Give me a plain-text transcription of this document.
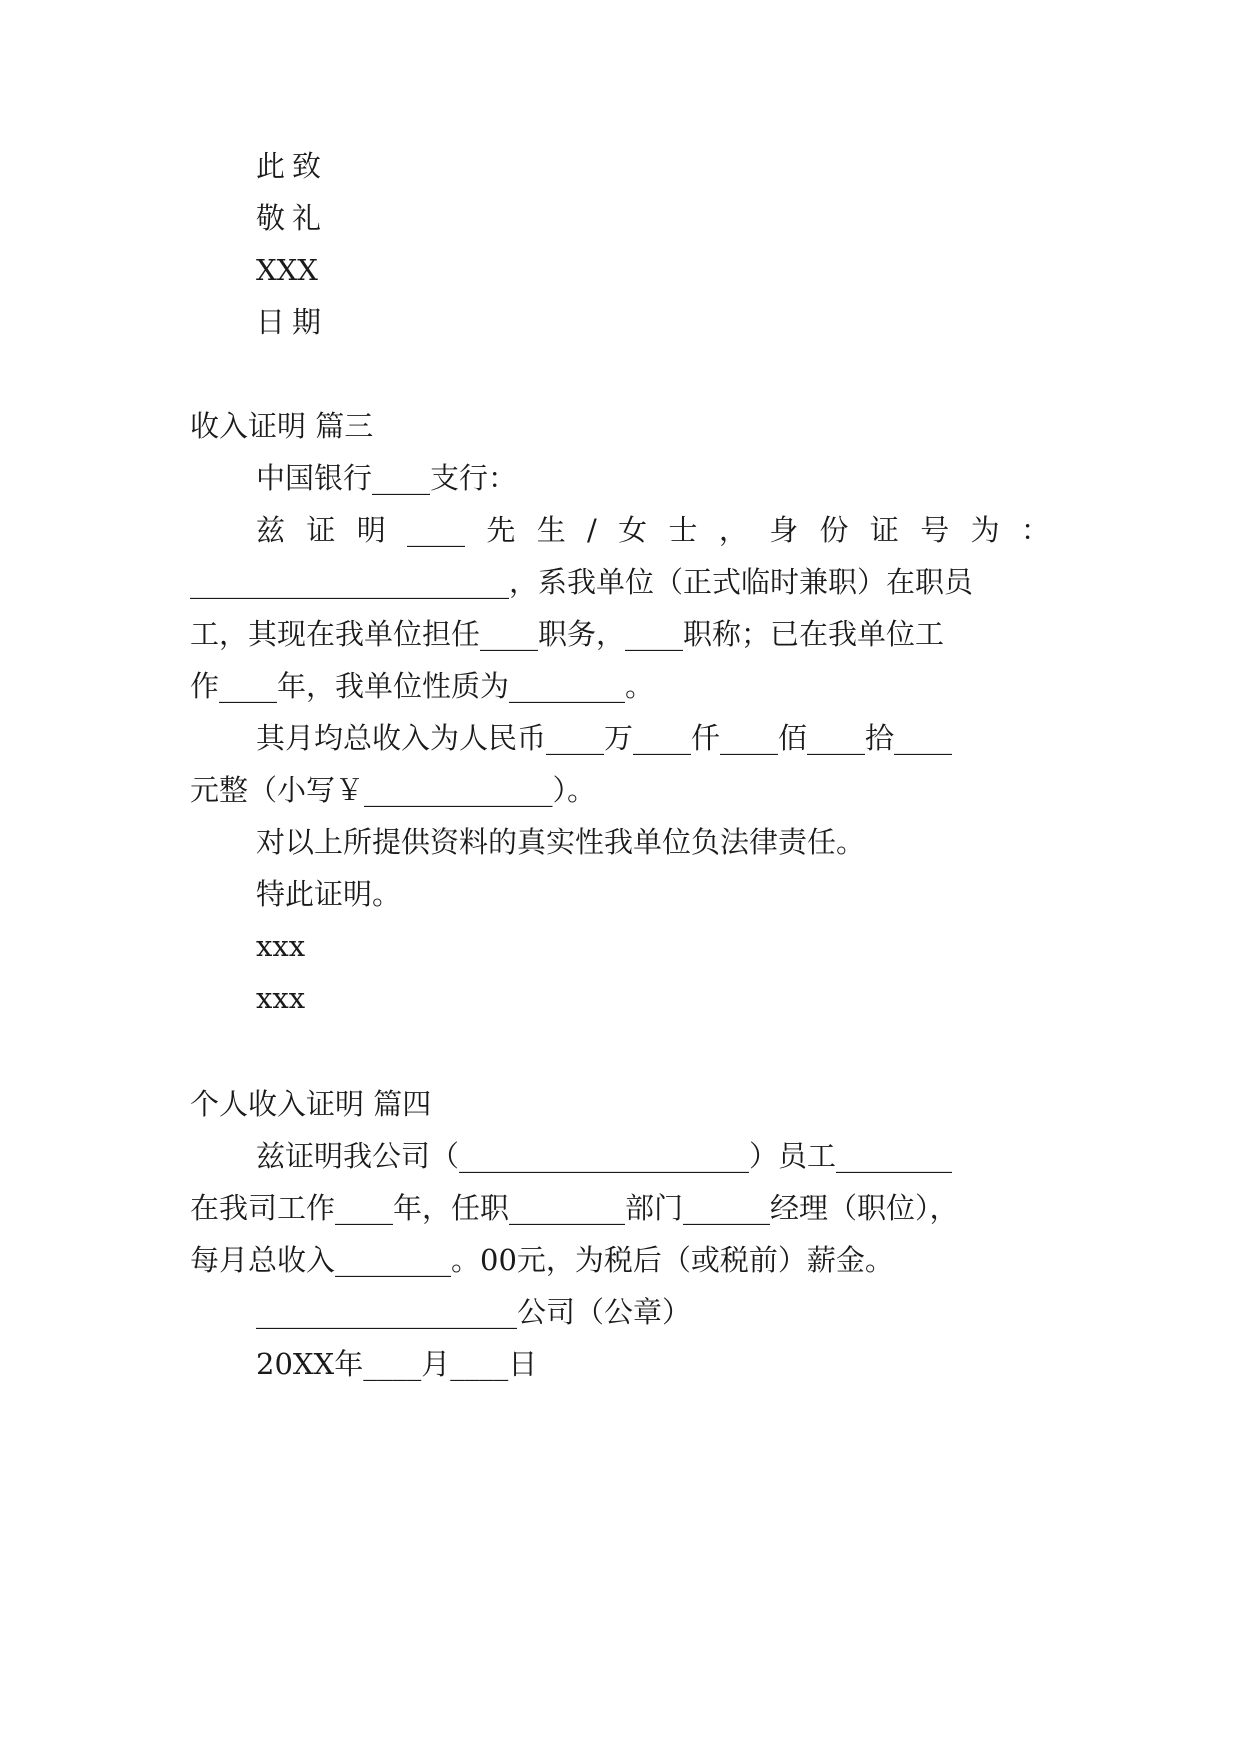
此致
敬礼
XXX
日期
收入证明 篇三
中国银行____支行：
兹 证 明 ____ 先 生 / 女 士 ， 身 份 证 号 为 ：
______________________，系我单位（正式临时兼职）在职员
工，其现在我单位担任____职务，____职称；已在我单位工
作____年，我单位性质为________。
其月均总收入为人民币____万____仟____佰____拾____
元整（小写￥_____________）。
对以上所提供资料的真实性我单位负法律责任。
特此证明。
xxx
xxx
个人收入证明 篇四
兹证明我公司（____________________）员工________
在我司工作____年，任职________部门______经理（职位），
每月总收入________。00元，为税后（或税前）薪金。
__________________公司（公章）
20XX年____月____日
